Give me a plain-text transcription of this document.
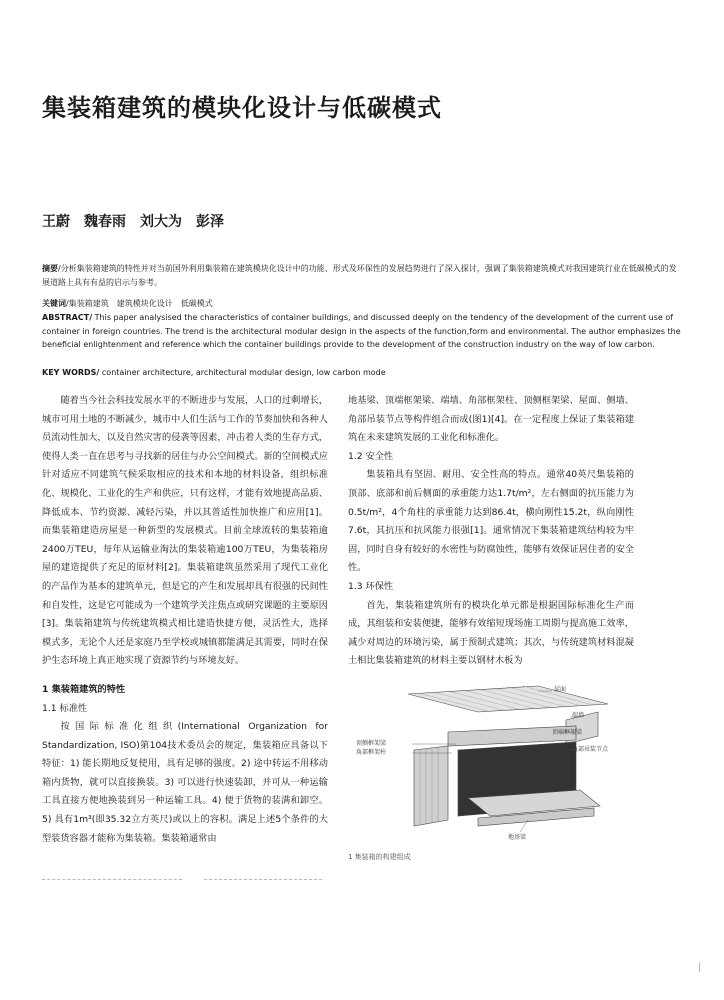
集装箱建筑的模块化设计与低碳模式
王蔚　魏春雨　刘大为　彭泽
摘要/分析集装箱建筑的特性并对当前国外利用集装箱在建筑模块化设计中的功能、形式及环保性的发展趋势进行了深入探讨，强调了集装箱建筑模式对我国建筑行业在低碳模式的发展道路上具有有益的启示与参考。
关键词/集装箱建筑　建筑模块化设计　低碳模式
ABSTRACT/ This paper analysised the characteristics of container buildings, and discussed deeply on the tendency of the development of the current use of container in foreign countries. The trend is the architectural modular design in the aspects of the function,form and environmental. The author emphasizes the beneficial enlightenment and reference which the container buildings provide to the development of the construction industry on the way of low carbon.
KEY WORDS/ container architecture, architectural modular design, low carbon mode

随着当今社会科技发展水平的不断进步与发展，人口的过剩增长，城市可用土地的不断减少，城市中人们生活与工作的节奏加快和各种人员流动性加大，以及自然灾害的侵袭等因素，冲击着人类的生存方式，使得人类一直在思考与寻找新的居住与办公空间模式。新的空间模式应针对适应不同建筑气候采取相应的技术和本地的材料设备，组织标准化、规模化、工业化的生产和供应，只有这样，才能有效地提高品质、降低成本、节约资源、减轻污染，并以其普适性加快推广和应用[1]。而集装箱建造房屋是一种新型的发展模式。目前全球流转的集装箱逾2400万TEU，每年从运输业淘汰的集装箱逾100万TEU，为集装箱房屋的建造提供了充足的原材料[2]。集装箱建筑虽然采用了现代工业化的产品作为基本的建筑单元，但是它的产生和发展却具有很强的民间性和自发性，这是它可能成为一个建筑学关注焦点或研究课题的主要原因[3]。集装箱建筑与传统建筑模式相比建造快捷方便，灵活性大，选择模式多，无论个人还是家庭乃至学校或城镇都能满足其需要，同时在保护生态环境上真正地实现了资源节约与环境友好。

1 集装箱建筑的特性

1.1 标准性

按国际标准化组织(International Organization for Standardization, ISO)第104技术委员会的规定，集装箱应具备以下特征：1) 能长期地反复使用，具有足够的强度。2) 途中转运不用移动箱内货物，就可以直接换装。3) 可以进行快速装卸，并可从一种运输工具直接方便地换装到另一种运输工具。4) 便于货物的装满和卸空。5) 具有1m³(即35.32立方英尺)或以上的容积。满足上述5个条件的大型装货容器才能称为集装箱。集装箱通常由

地基梁、顶端框架梁、端墙、角部框架柱、顶侧框架梁、屋面、侧墙、角部吊装节点等构件组合而成(图1)[4]。在一定程度上保证了集装箱建筑在未来建筑发展的工业化和标准化。

1.2 安全性

集装箱具有坚固、耐用、安全性高的特点。通常40英尺集装箱的顶部、底部和前后侧面的承重能力达1.7t/m²，左右侧面的抗压能力为0.5t/m²，4个角柱的承重能力达到86.4t，横向刚性15.2t，纵向刚性7.6t，其抗压和抗风能力很强[1]。通常情况下集装箱建筑结构较为牢固，同时自身有较好的水密性与防腐蚀性，能够有效保证居住者的安全性。

1.3 环保性

首先，集装箱建筑所有的模块化单元都是根据国际标准化生产而成，其组装和安装便捷，能够有效缩短现场施工周期与提高施工效率，减少对周边的环境污染，属于预制式建筑；其次，与传统建筑材料混凝土相比集装箱建筑的材料主要以钢材木板为

屋面
端墙
顶端框架梁
顶侧框架梁
角部框架柱	角部吊装节点
地基梁
1 集装箱的构建组成
